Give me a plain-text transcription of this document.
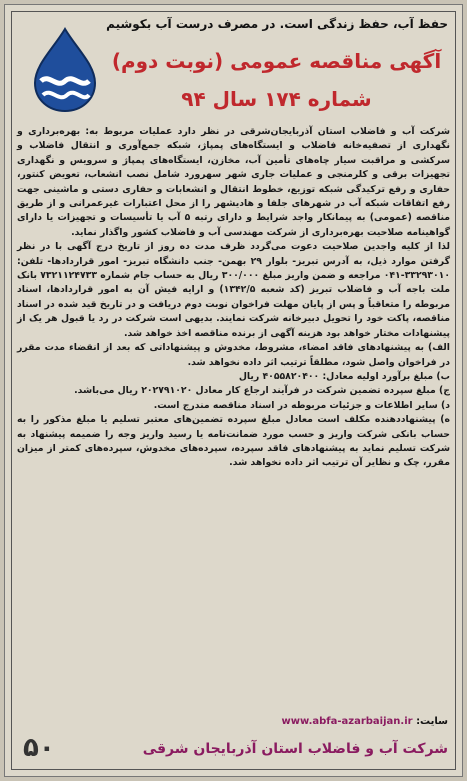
حفظ آب، حفظ زندگی است. در مصرف درست آب بکوشیم
آگهی مناقصه عمومی (نوبت دوم)
شماره ۱۷۴ سال ۹۴

شرکت آب و فاضلاب استان آذربایجان‌شرقی در نظر دارد عملیات مربوط به: بهره‌برداری و نگهداری از تصفیه‌خانه فاضلاب و ایستگاه‌های پمپاژ، شبکه جمع‌آوری و انتقال فاضلاب و سرکشی و مراقبت سیار چاه‌های تأمین آب، مخازن، ایستگاه‌های پمپاژ و سرویس و نگهداری تجهیزات برقی و کلرمنجی و عملیات جاری شهر سهرورد شامل نصب انشعاب، تعویض کنتور، حفاری و رفع ترکیدگی شبکه توزیع، خطوط انتقال و انشعابات و حفاری دستی و ماشینی جهت رفع اتفاقات شبکه آب در شهرهای جلفا و هادیشهر را از محل اعتبارات غیرعمرانی و از طریق مناقصه (عمومی) به پیمانکار واجد شرایط و دارای رتبه ۵ آب یا تأسیسات و تجهیزات یا دارای گواهینامه صلاحیت بهره‌برداری از شرکت مهندسی آب و فاضلاب کشور واگذار نماید.

لذا از کلیه واجدین صلاحیت دعوت می‌گردد ظرف مدت ده روز از تاریخ درج آگهی با در نظر گرفتن موارد ذیل، به آدرس تبریز- بلوار ۲۹ بهمن- جنب دانشگاه تبریز- امور قراردادها- تلفن: ۳۳۲۹۳۰۱۰-۰۴۱ مراجعه و ضمن واریز مبلغ ۳۰۰/۰۰۰ ریال به حساب جام شماره ۷۳۲۱۱۲۴۷۳۳ بانک ملت باجه آب و فاضلاب تبریز (کد شعبه ۱۳۴۲/۵) و ارایه فیش آن به امور قراردادها، اسناد مربوطه را متعاقباً و پس از پایان مهلت فراخوان نوبت دوم دریافت و در تاریخ قید شده در اسناد مناقصه، پاکت خود را تحویل دبیرخانه شرکت نمایند. بدیهی است شرکت در رد یا قبول هر یک از پیشنهادات مختار خواهد بود هزینه آگهی از برنده مناقصه اخذ خواهد شد.

الف) به پیشنهادهای فاقد امضاء، مشروط، مخدوش و پیشنهاداتی که بعد از انقضاء مدت مقرر در فراخوان واصل شود، مطلقاً ترتیب اثر داده نخواهد شد.

ب) مبلغ برآورد اولیه معادل: ۴۰۵۵۸۲۰۴۰۰ ریال

ج) مبلغ سپرده تضمین شرکت در فرآیند ارجاع کار معادل ۲۰۲۷۹۱۰۲۰ ریال می‌باشد.

د) سایر اطلاعات و جزئیات مربوطه در اسناد مناقصه مندرج است.

ه) پیشنهاددهنده مکلف است معادل مبلغ سپرده تضمین‌های معتبر تسلیم یا مبلغ مذکور را به حساب بانکی شرکت واریز و حسب مورد ضمانت‌نامه یا رسید واریز وجه را ضمیمه پیشنهاد به شرکت تسلیم نماید به پیشنهادهای فاقد سپرده، سپرده‌های مخدوش، سپرده‌های کمتر از میزان مقرر، چک و نظایر آن ترتیب اثر داده نخواهد شد.

سایت: www.abfa-azarbaijan.ir
شرکت آب و فاضلاب استان آذربایجان شرقی
۵۰
